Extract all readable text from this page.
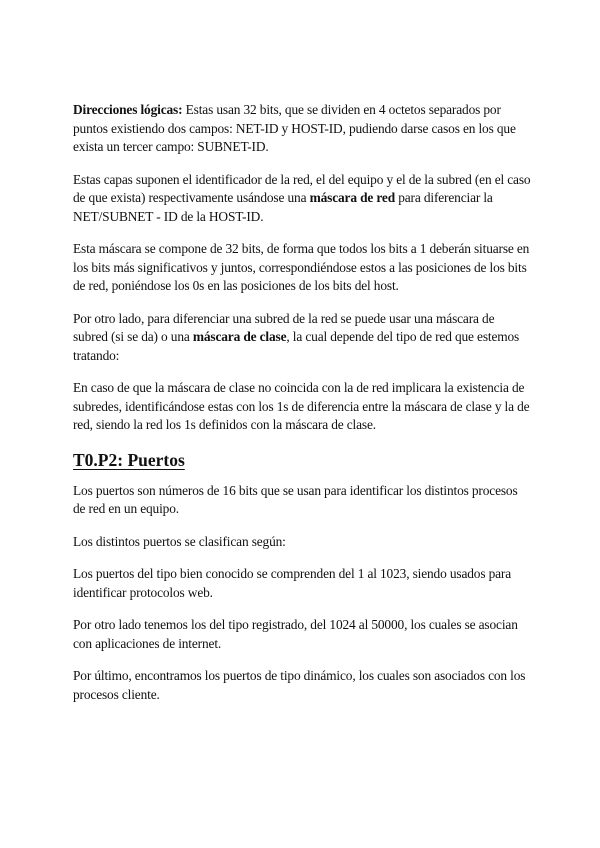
Direcciones lógicas: Estas usan 32 bits, que se dividen en 4 octetos separados por puntos existiendo dos campos: NET-ID y HOST-ID, pudiendo darse casos en los que exista un tercer campo: SUBNET-ID.

Estas capas suponen el identificador de la red, el del equipo y el de la subred (en el caso de que exista) respectivamente usándose una máscara de red para diferenciar la NET/SUBNET - ID de la HOST-ID.

Esta máscara se compone de 32 bits, de forma que todos los bits a 1 deberán situarse en los bits más significativos y juntos, correspondiéndose estos a las posiciones de los bits de red, poniéndose los 0s en las posiciones de los bits del host.

Por otro lado, para diferenciar una subred de la red se puede usar una máscara de subred (si se da) o una máscara de clase, la cual depende del tipo de red que estemos tratando:

En caso de que la máscara de clase no coincida con la de red implicara la existencia de subredes, identificándose estas con los 1s de diferencia entre la máscara de clase y la de red, siendo la red los 1s definidos con la máscara de clase.

T0.P2: Puertos

Los puertos son números de 16 bits que se usan para identificar los distintos procesos de red en un equipo.

Los distintos puertos se clasifican según:

Los puertos del tipo bien conocido se comprenden del 1 al 1023, siendo usados para identificar protocolos web.

Por otro lado tenemos los del tipo registrado, del 1024 al 50000, los cuales se asocian con aplicaciones de internet.

Por último, encontramos los puertos de tipo dinámico, los cuales son asociados con los procesos cliente.
